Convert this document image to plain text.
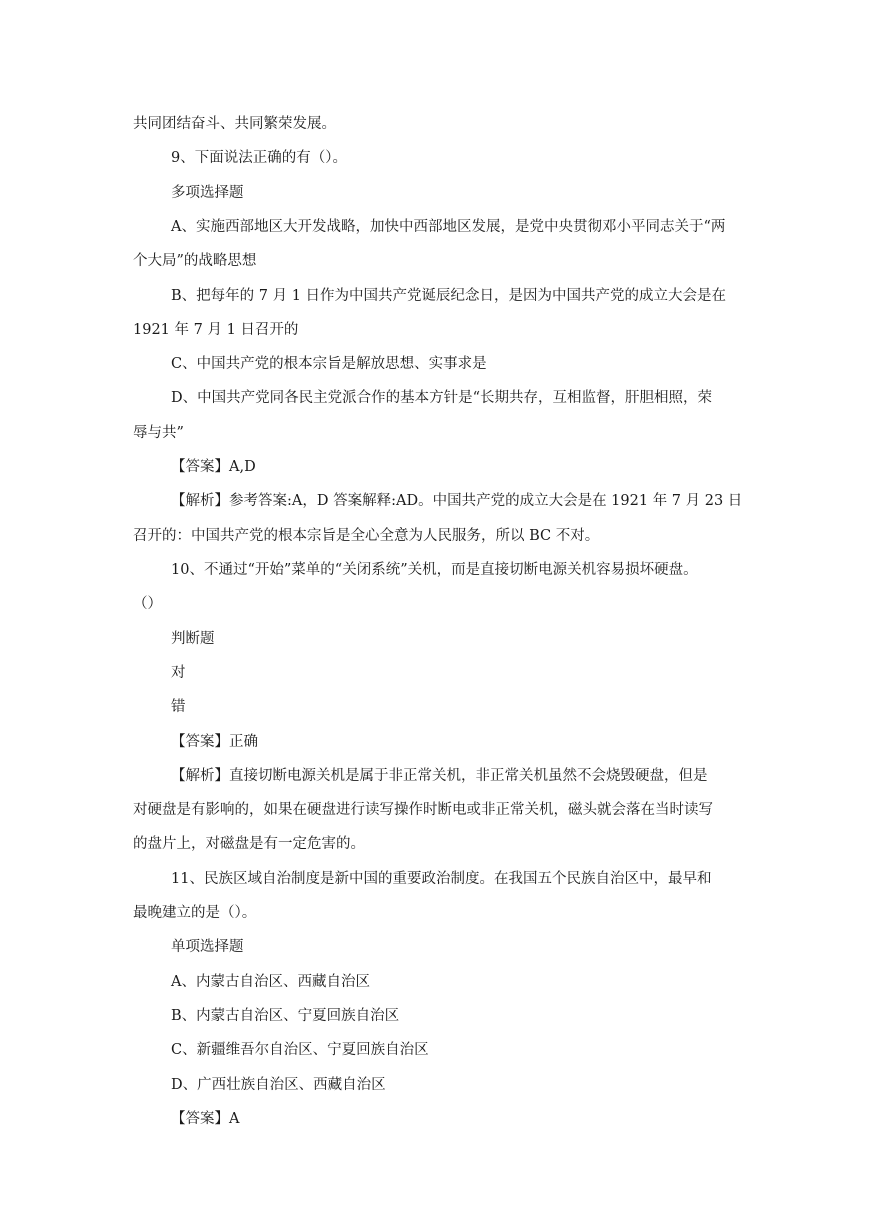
共同团结奋斗、共同繁荣发展。
9、下面说法正确的有（）。
多项选择题
A、实施西部地区大开发战略，加快中西部地区发展，是党中央贯彻邓小平同志关于“两
个大局”的战略思想
B、把每年的 7 月 1 日作为中国共产党诞辰纪念日，是因为中国共产党的成立大会是在
1921 年 7 月 1 日召开的
C、中国共产党的根本宗旨是解放思想、实事求是
D、中国共产党同各民主党派合作的基本方针是“长期共存，互相监督，肝胆相照，荣
辱与共”
【答案】A,D
【解析】参考答案:A，D 答案解释:AD。中国共产党的成立大会是在 1921 年 7 月 23 日
召开的：中国共产党的根本宗旨是全心全意为人民服务，所以 BC 不对。
10、不通过“开始”菜单的“关闭系统”关机，而是直接切断电源关机容易损坏硬盘。
（）
判断题
对
错
【答案】正确
【解析】直接切断电源关机是属于非正常关机，非正常关机虽然不会烧毁硬盘，但是
对硬盘是有影响的，如果在硬盘进行读写操作时断电或非正常关机，磁头就会落在当时读写
的盘片上，对磁盘是有一定危害的。
11、民族区域自治制度是新中国的重要政治制度。在我国五个民族自治区中，最早和
最晚建立的是（）。
单项选择题
A、内蒙古自治区、西藏自治区
B、内蒙古自治区、宁夏回族自治区
C、新疆维吾尔自治区、宁夏回族自治区
D、广西壮族自治区、西藏自治区
【答案】A
